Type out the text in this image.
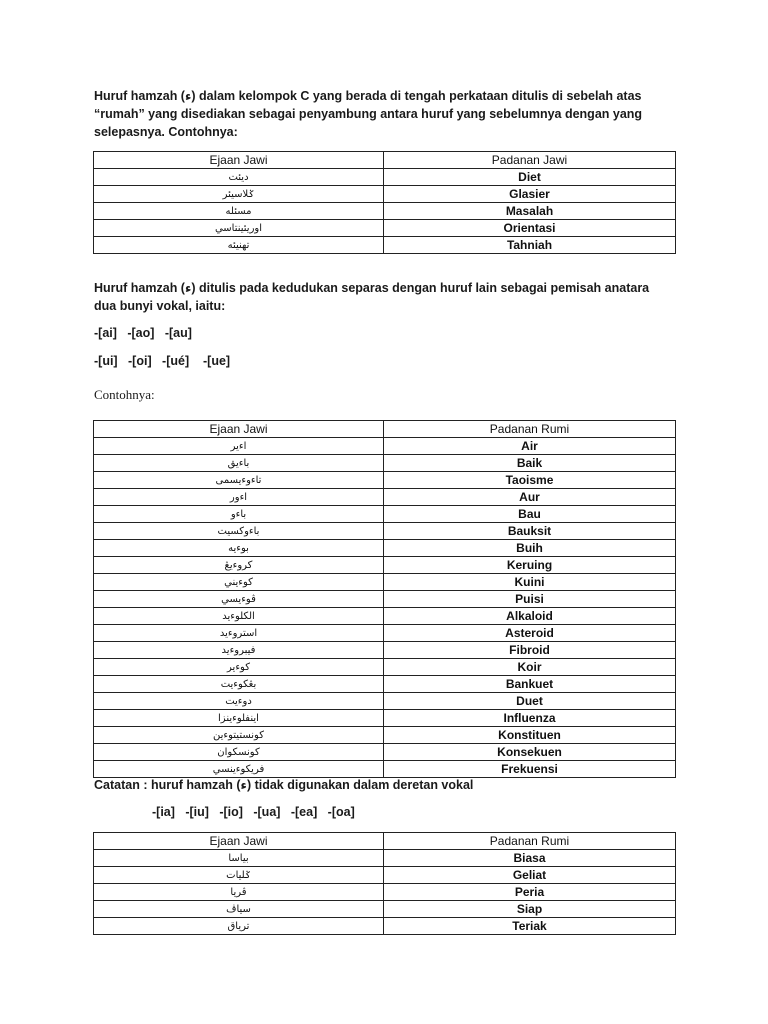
Huruf hamzah (ء) dalam kelompok C yang berada di tengah perkataan ditulis di sebelah atas “rumah” yang disediakan sebagai penyambung antara huruf yang sebelumnya dengan yang selepasnya. Contohnya:
Ejaan Jawi	Padanan Jawi
ديئت	Diet
ݢلاسيئر	Glasier
مسئله	Masalah
اوريئينتاسي	Orientasi
تهنيئه	Tahniah
Huruf hamzah (ء) ditulis pada kedudukan separas dengan huruf lain sebagai pemisah anatara dua bunyi vokal, iaitu:
-[ai]   -[ao]   -[au]
-[ui]   -[oi]   -[ué]    -[ue]
Contohnya:
Ejaan Jawi	Padanan Rumi
اءير	Air
باءيق	Baik
تاءوءيسمى	Taoisme
اءور	Aur
باءو	Bau
باءوكسيت	Bauksit
بوءيه	Buih
كروءيڠ	Keruing
كوءيني	Kuini
ڤوءيسي	Puisi
الكلوءيد	Alkaloid
استروءيد	Asteroid
فيبروءيد	Fibroid
كوءير	Koir
بڠكوءيت	Bankuet
دوءيت	Duet
اينفلوءينزا	Influenza
كونستيتوءين	Konstituen
كونسكوان	Konsekuen
فريكوءينسي	Frekuensi
Catatan : huruf hamzah (ء) tidak digunakan dalam deretan vokal
-[ia]   -[iu]   -[io]   -[ua]   -[ea]   -[oa]
Ejaan Jawi	Padanan Rumi
بياسا	Biasa
ݢليات	Geliat
ڤريا	Peria
سياڤ	Siap
ترياق	Teriak
